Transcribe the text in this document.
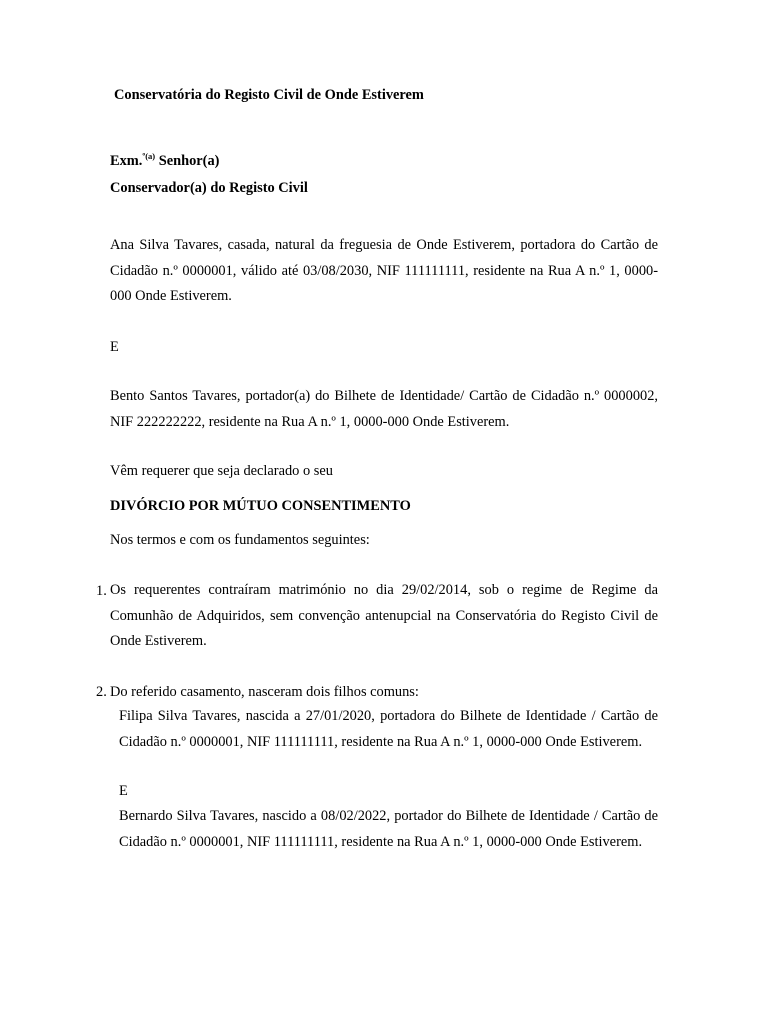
Conservatória do Registo Civil de Onde Estiverem
Exm.$^{º(a)}$ Senhor(a)
Conservador(a) do Registo Civil
Ana Silva Tavares, casada, natural da freguesia de Onde Estiverem, portadora do Cartão de Cidadão n.º 0000001, válido até 03/08/2030, NIF 111111111, residente na Rua A n.º 1, 0000-000 Onde Estiverem.
E
Bento Santos Tavares, portador(a) do Bilhete de Identidade/ Cartão de Cidadão n.º 0000002, NIF 222222222, residente na Rua A n.º 1, 0000-000 Onde Estiverem.
Vêm requerer que seja declarado o seu
DIVÓRCIO POR MÚTUO CONSENTIMENTO
Nos termos e com os fundamentos seguintes:
1. Os requerentes contraíram matrimónio no dia 29/02/2014, sob o regime de Regime da Comunhão de Adquiridos, sem convenção antenupcial na Conservatória do Registo Civil de Onde Estiverem.
2. Do referido casamento, nasceram dois filhos comuns:
Filipa Silva Tavares, nascida a 27/01/2020, portadora do Bilhete de Identidade / Cartão de Cidadão n.º 0000001, NIF 111111111, residente na Rua A n.º 1, 0000-000 Onde Estiverem.
E
Bernardo Silva Tavares, nascido a 08/02/2022, portador do Bilhete de Identidade / Cartão de Cidadão n.º 0000001, NIF 111111111, residente na Rua A n.º 1, 0000-000 Onde Estiverem.
